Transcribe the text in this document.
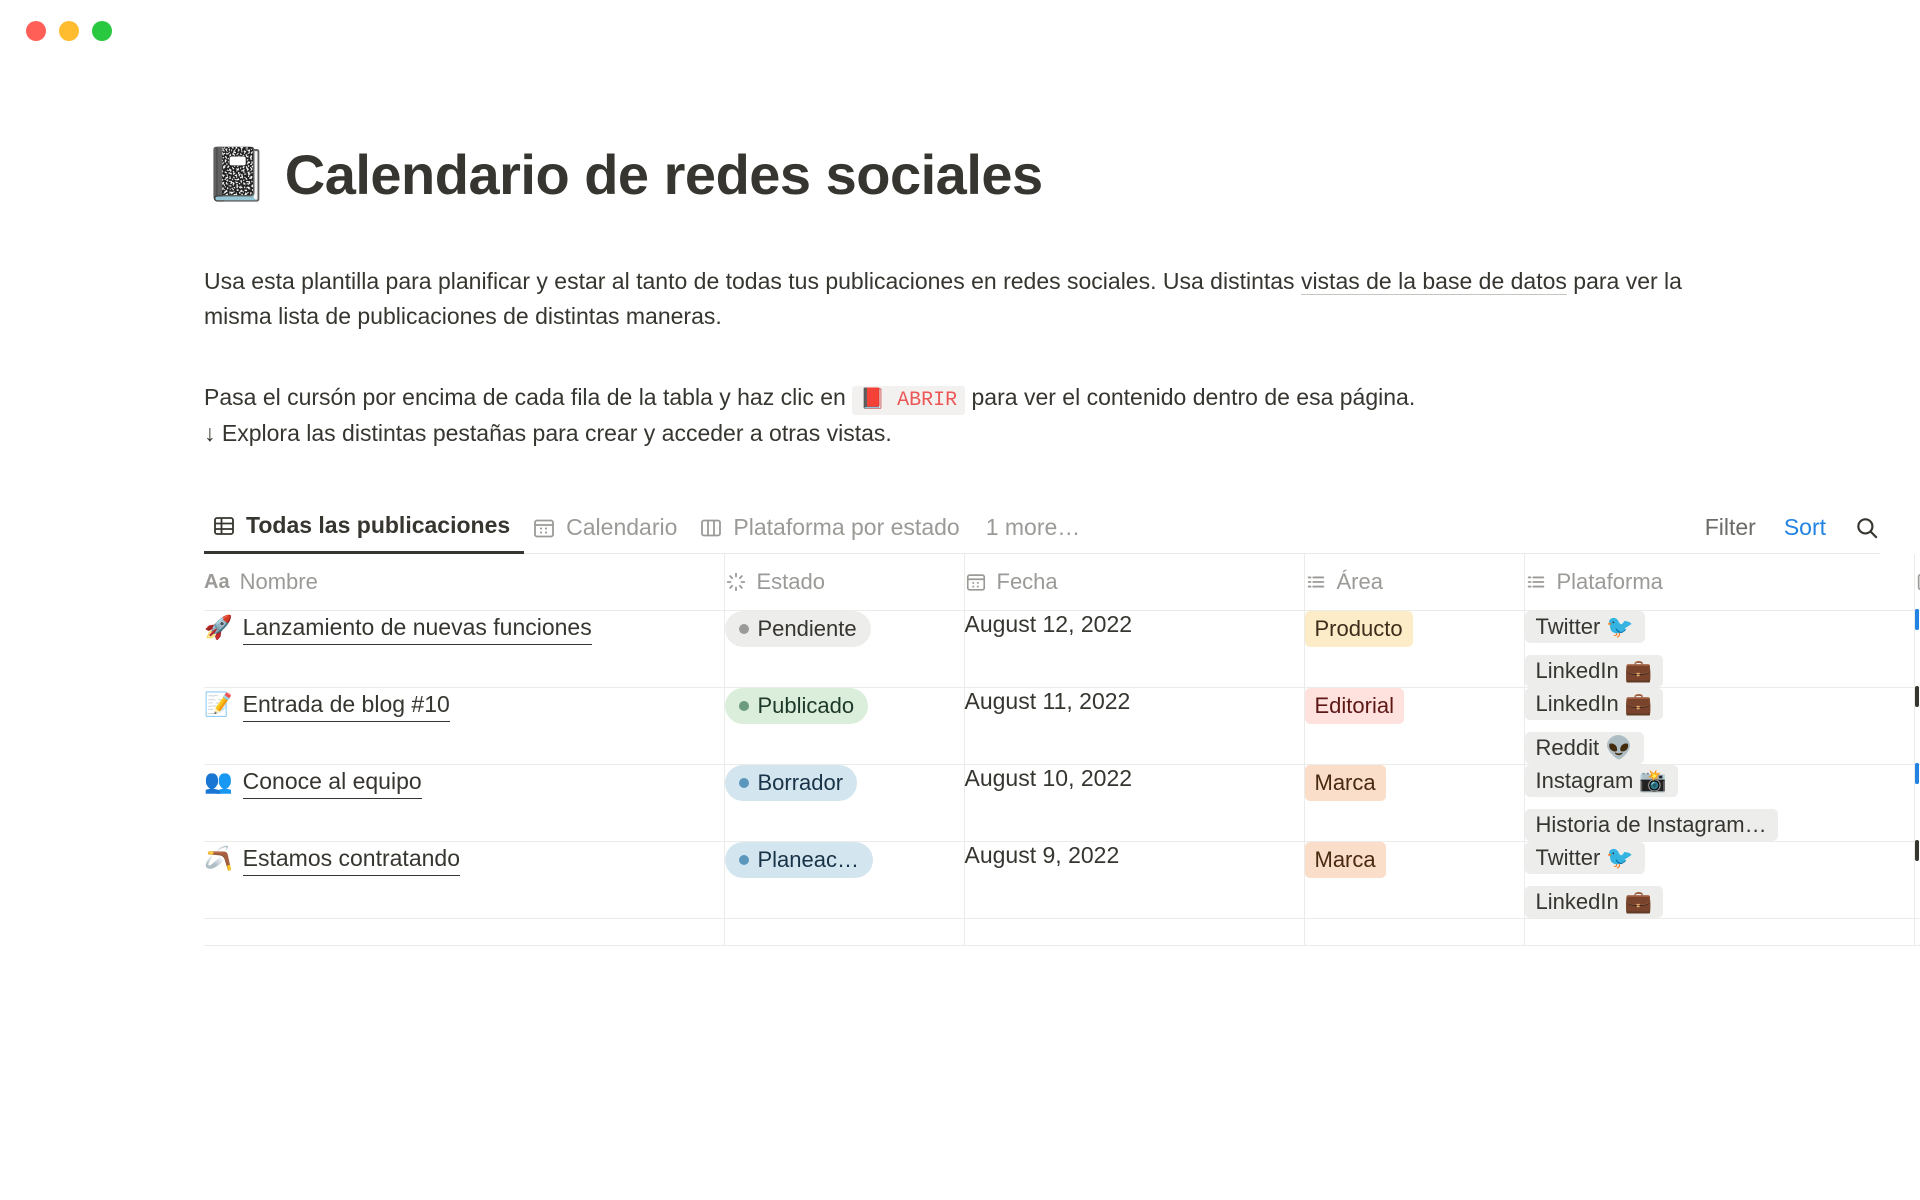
📓 Calendario de redes sociales

Usa esta plantilla para planificar y estar al tanto de todas tus publicaciones en redes sociales. Usa distintas vistas de la base de datos para ver la misma lista de publicaciones de distintas maneras.

Pasa el cursón por encima de cada fila de la tabla y haz clic en 📕 ABRIR para ver el contenido dentro de esa página.
↓ Explora las distintas pestañas para crear y acceder a otras vistas.

Todas las publicaciones Calendario Plataforma por estado	1 more…	Filter Sort
Aa Nombre	Estado	Fecha	Área	Plataforma

🚀 Lanzamiento de nuevas funciones	Pendiente	August 12, 2022	Producto	Twitter 🐦
LinkedIn 💼	

📝 Entrada de blog #10	Publicado	August 11, 2022	Editorial	LinkedIn 💼
Reddit 👽	

👥 Conoce al equipo	Borrador	August 10, 2022	Marca	Instagram 📸
Historia de Instagram…	

🪃 Estamos contratando	Planeac…	August 9, 2022	Marca	Twitter 🐦
LinkedIn 💼	
